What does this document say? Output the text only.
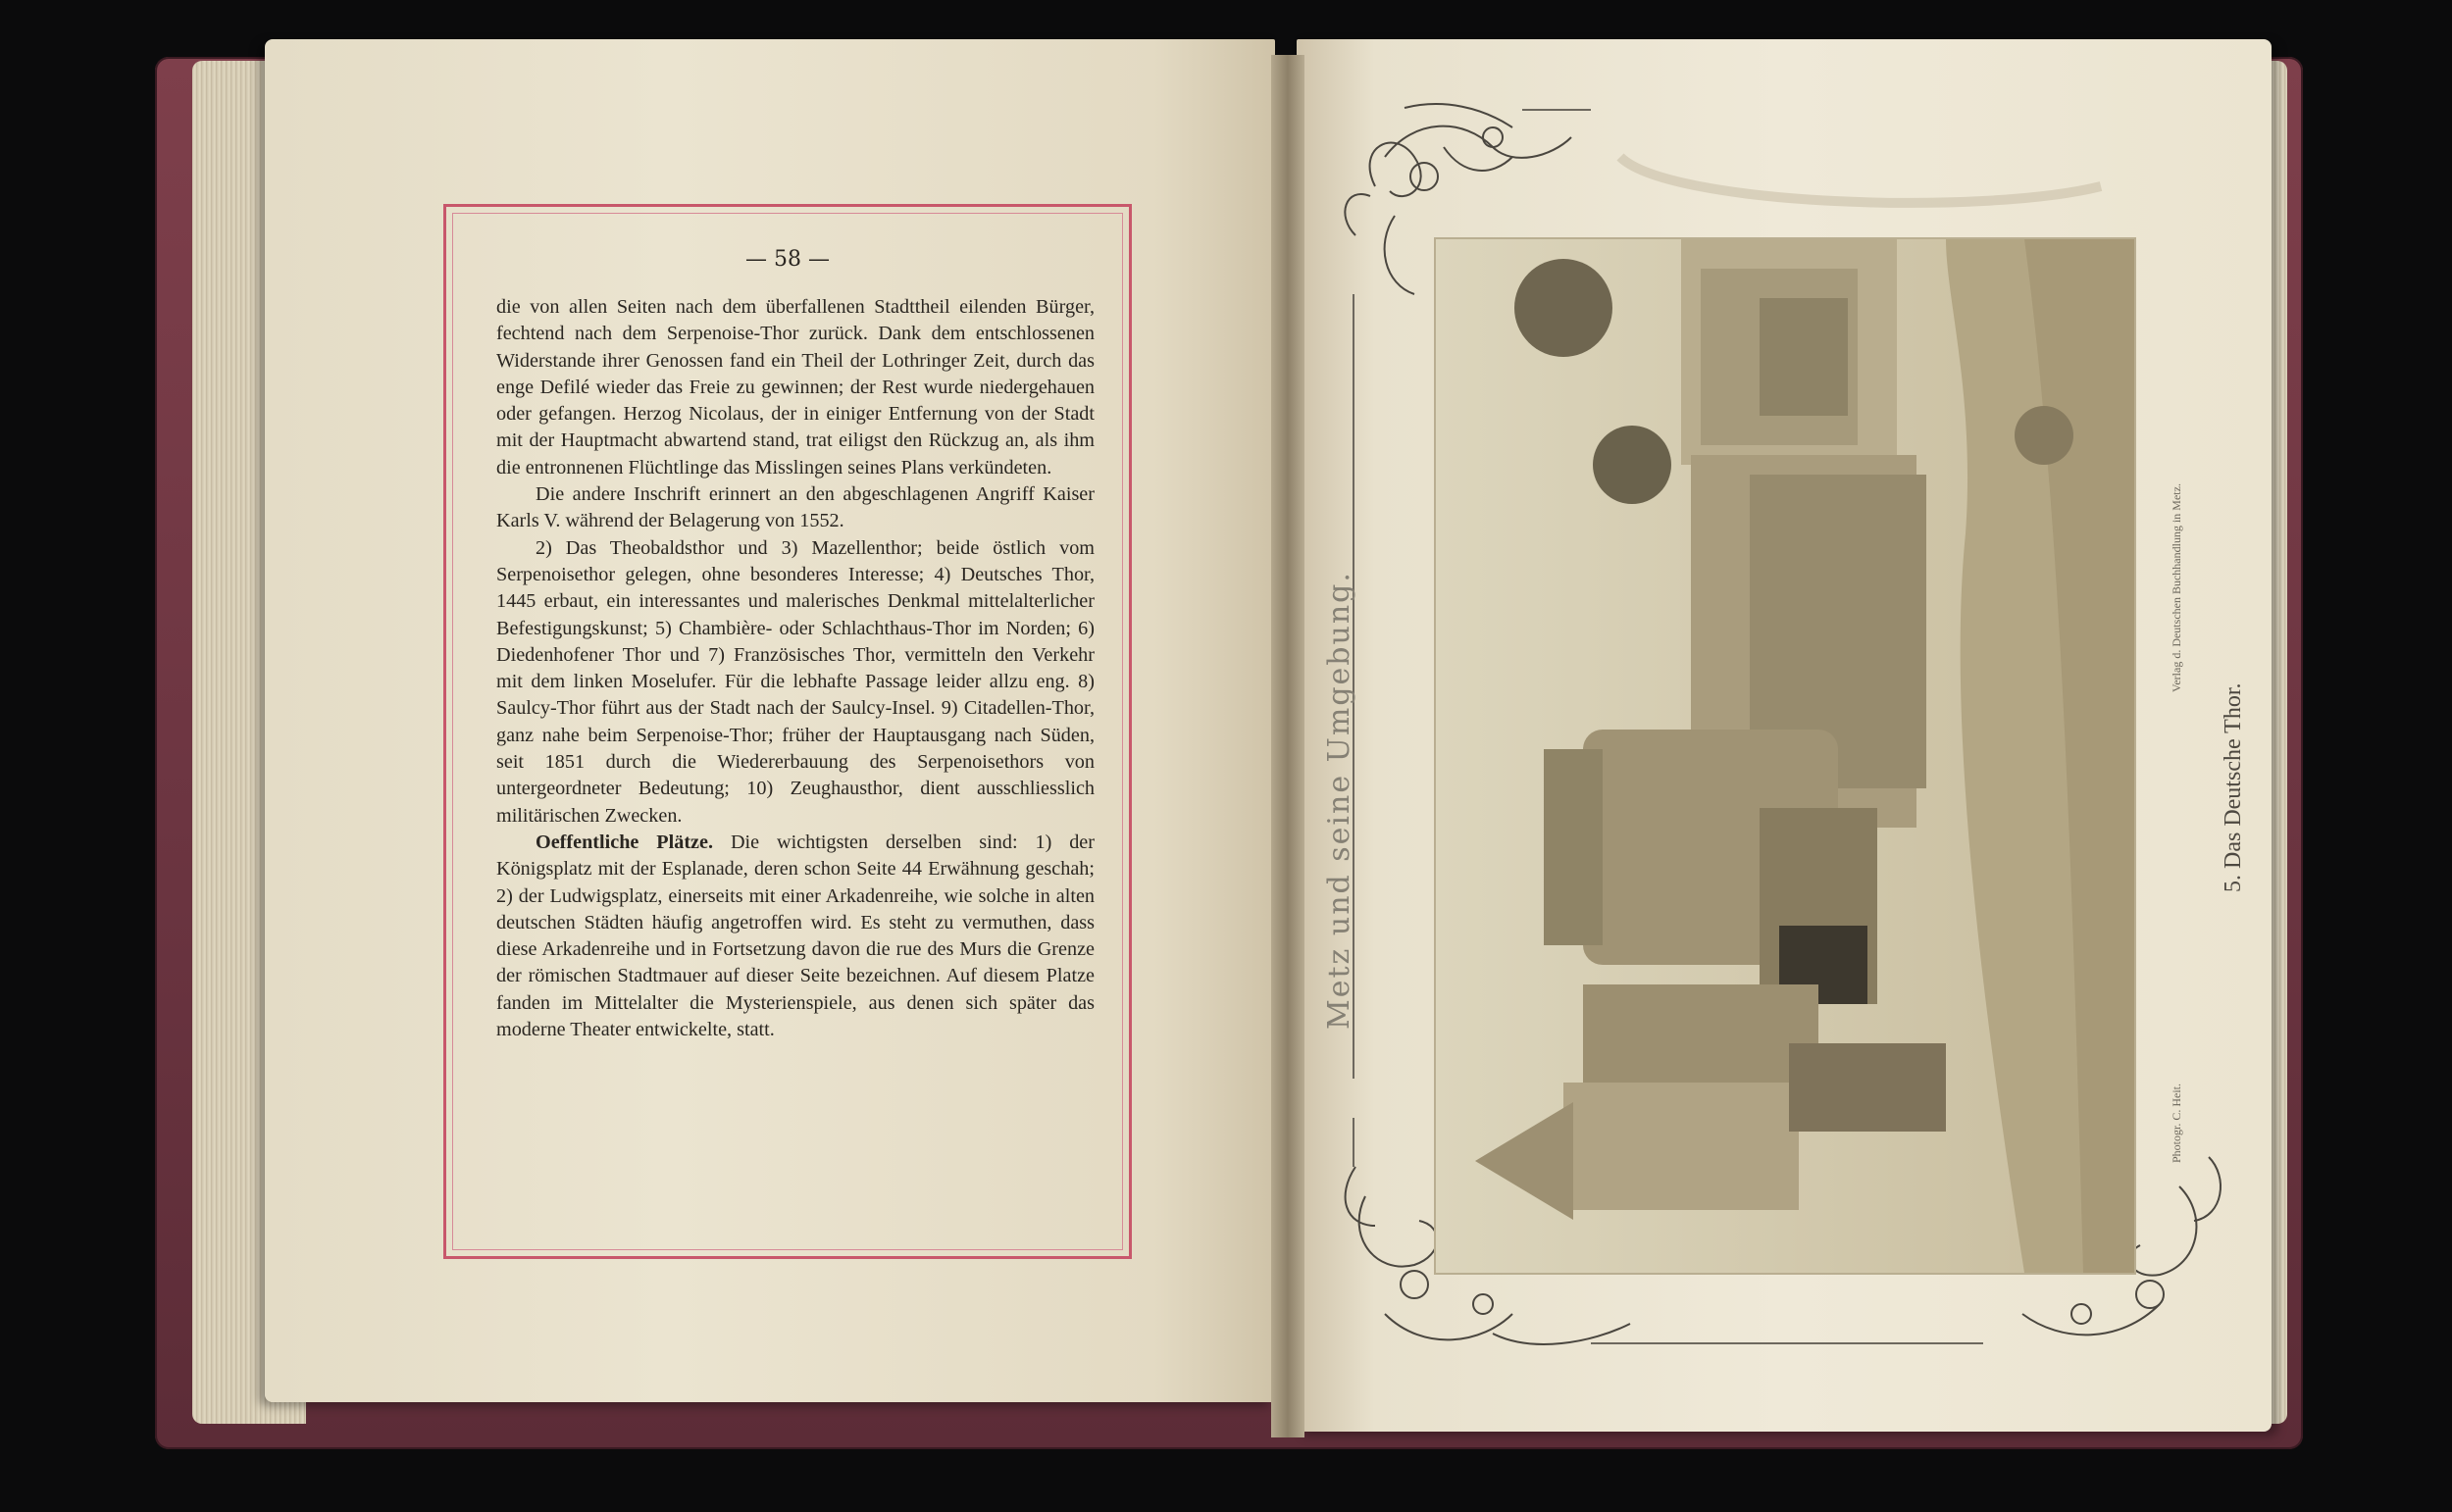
— 58 —

die von allen Seiten nach dem überfallenen Stadttheil eilenden Bürger, fechtend nach dem Serpenoise-Thor zurück. Dank dem entschlossenen Widerstande ihrer Genossen fand ein Theil der Lothringer Zeit, durch das enge Defilé wieder das Freie zu gewinnen; der Rest wurde niedergehauen oder gefangen. Herzog Nicolaus, der in einiger Entfernung von der Stadt mit der Hauptmacht abwartend stand, trat eiligst den Rückzug an, als ihm die entronnenen Flüchtlinge das Misslingen seines Plans verkündeten.

Die andere Inschrift erinnert an den abgeschlagenen Angriff Kaiser Karls V. während der Belagerung von 1552.

2) Das Theobaldsthor und 3) Mazellenthor; beide östlich vom Serpenoisethor gelegen, ohne besonderes Interesse; 4) Deutsches Thor, 1445 erbaut, ein interessantes und malerisches Denkmal mittelalterlicher Befestigungskunst; 5) Chambière- oder Schlachthaus-Thor im Norden; 6) Diedenhofener Thor und 7) Französisches Thor, vermitteln den Verkehr mit dem linken Moselufer. Für die lebhafte Passage leider allzu eng. 8) Saulcy-Thor führt aus der Stadt nach der Saulcy-Insel. 9) Citadellen-Thor, ganz nahe beim Serpenoise-Thor; früher der Hauptausgang nach Süden, seit 1851 durch die Wiedererbauung des Serpenoisethors von untergeordneter Bedeutung; 10) Zeughausthor, dient ausschliesslich militärischen Zwecken.

Oeffentliche Plätze. Die wichtigsten derselben sind: 1) der Königsplatz mit der Esplanade, deren schon Seite 44 Erwähnung geschah; 2) der Ludwigsplatz, einerseits mit einer Arkadenreihe, wie solche in alten deutschen Städten häufig angetroffen wird. Es steht zu vermuthen, dass diese Arkadenreihe und in Fortsetzung davon die rue des Murs die Grenze der römischen Stadtmauer auf dieser Seite bezeichnen. Auf diesem Platze fanden im Mittelalter die Mysterienspiele, aus denen sich später das moderne Theater entwickelte, statt.

Metz und seine Umgebung.	5. Das Deutsche Thor.
Verlag d. Deutschen Buchhandlung in Metz.
Photogr. C. Heit.
